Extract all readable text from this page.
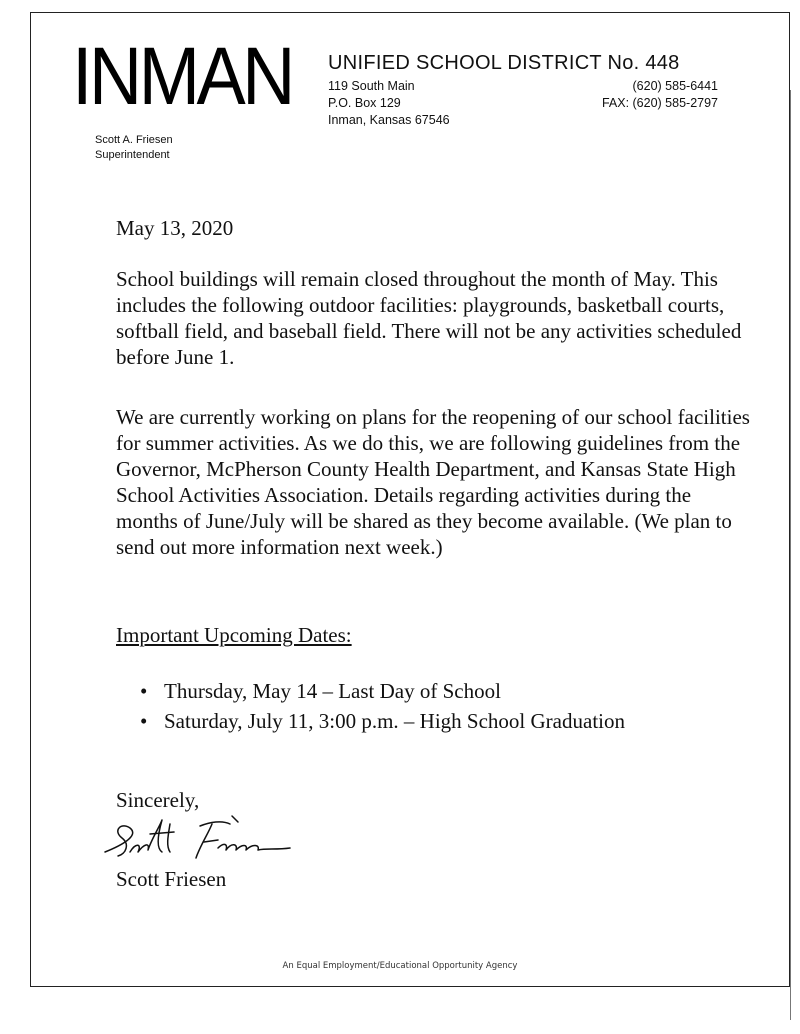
INMAN UNIFIED SCHOOL DISTRICT No. 448
119 South Main
P.O. Box 129
Inman, Kansas 67546
(620) 585-6441
FAX: (620) 585-2797
Scott A. Friesen
Superintendent
May 13, 2020
School buildings will remain closed throughout the month of May. This includes the following outdoor facilities: playgrounds, basketball courts, softball field, and baseball field. There will not be any activities scheduled before June 1.
We are currently working on plans for the reopening of our school facilities for summer activities. As we do this, we are following guidelines from the Governor, McPherson County Health Department, and Kansas State High School Activities Association. Details regarding activities during the months of June/July will be shared as they become available. (We plan to send out more information next week.)
Important Upcoming Dates:
• Thursday, May 14 – Last Day of School
• Saturday, July 11, 3:00 p.m. – High School Graduation
Sincerely,
Scott Friesen
An Equal Employment/Educational Opportunity Agency
